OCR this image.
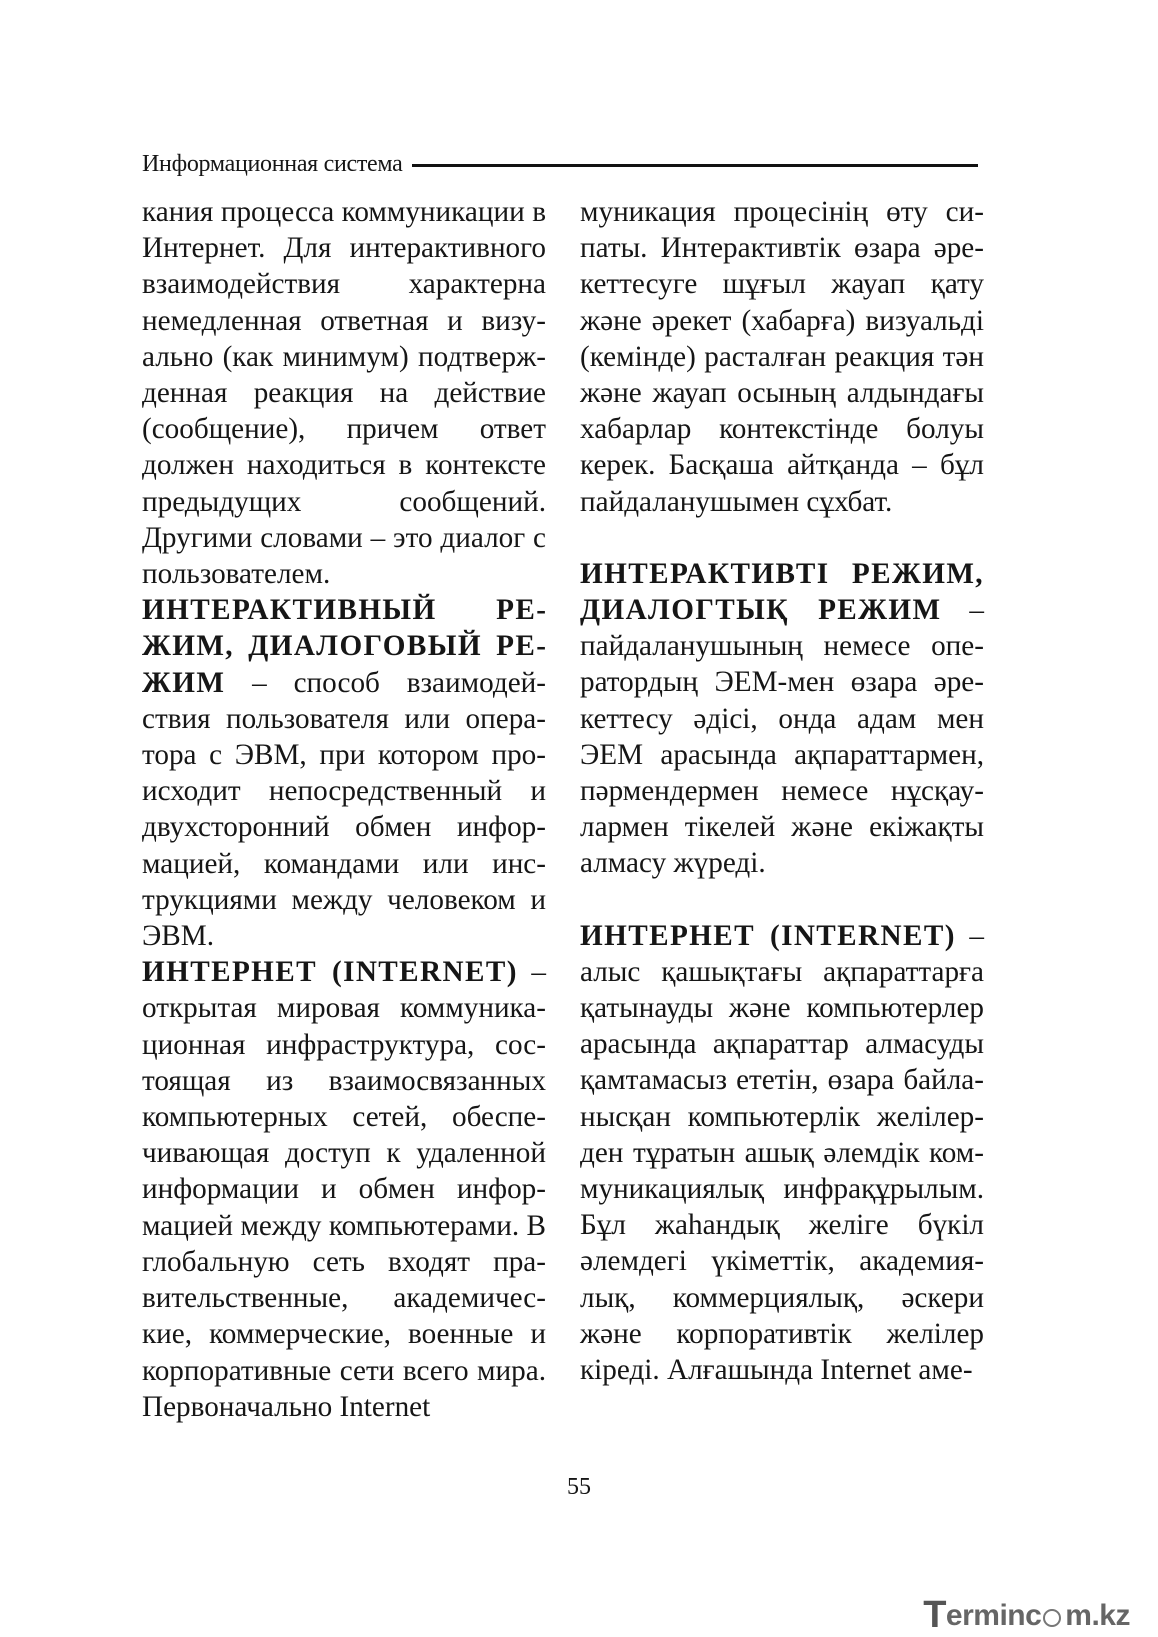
Информационная система

кания процесса коммуникации в Интернет. Для интерактивного взаимодействия характерна немедленная ответная и визуально (как минимум) подтвержденная реакция на действие (сообщение), причем ответ должен находиться в контексте предыдущих сообщений. Другими словами – это диалог с пользователем.

ИНТЕРАКТИВНЫЙ РЕЖИМ, ДИАЛОГОВЫЙ РЕЖИМ – способ взаимодействия пользователя или оператора с ЭВМ, при котором происходит непосредственный и двухсторонний обмен информацией, командами или инструкциями между человеком и ЭВМ.

ИНТЕРНЕТ (INTERNET) – открытая мировая коммуникационная инфраструктура, состоящая из взаимосвязанных компьютерных сетей, обеспечивающая доступ к удаленной информации и обмен информацией между компьютерами. В глобальную сеть входят правительственные, академические, коммерческие, военные и корпоративные сети всего мира. Первоначально Internet

муникация процесінің өту сипаты. Интерактивтік өзара әрекеттесуге шұғыл жауап қату және әрекет (хабарға) визуальді (кемінде) расталған реакция тән және жауап осының алдындағы хабарлар контекстінде болуы керек. Басқаша айтқанда – бұл пайдаланушымен сұхбат.

ИНТЕРАКТИВТІ РЕЖИМ, ДИАЛОГТЫҚ РЕЖИМ – пайдаланушының немесе оператордың ЭЕМ-мен өзара әрекеттесу әдісі, онда адам мен ЭЕМ арасында ақпараттармен, пәрмендермен немесе нұсқаулармен тікелей және екіжақты алмасу жүреді.

ИНТЕРНЕТ (INTERNET) – алыс қашықтағы ақпараттарға қатынауды және компьютерлер арасында ақпараттар алмасуды қамтамасыз ететін, өзара байланысқан компьютерлік желілерден тұратын ашық әлемдік коммуникациялық инфрақұрылым. Бұл жаһандық желіге бүкіл әлемдегі үкіметтік, академиялық, коммерциялық, әскери және корпоративтік желілер кіреді. Алғашында Internet аме-

55
T erminc m.kz
